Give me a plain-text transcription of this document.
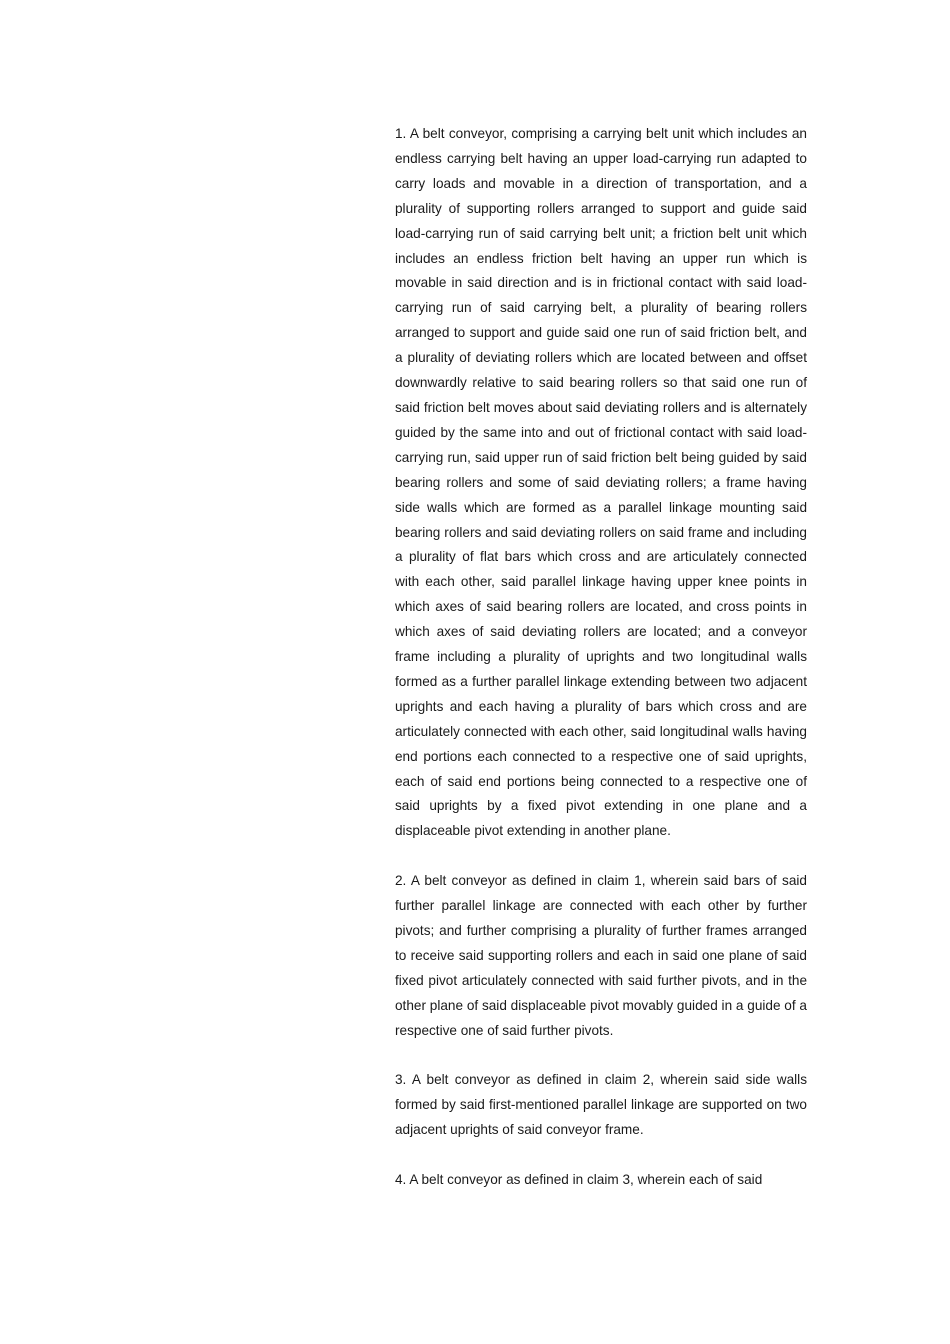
1. A belt conveyor, comprising a carrying belt unit which includes an endless carrying belt having an upper load-carrying run adapted to carry loads and movable in a direction of transportation, and a plurality of supporting rollers arranged to support and guide said load-carrying run of said carrying belt unit; a friction belt unit which includes an endless friction belt having an upper run which is movable in said direction and is in frictional contact with said load-carrying run of said carrying belt, a plurality of bearing rollers arranged to support and guide said one run of said friction belt, and a plurality of deviating rollers which are located between and offset downwardly relative to said bearing rollers so that said one run of said friction belt moves about said deviating rollers and is alternately guided by the same into and out of frictional contact with said load-carrying run, said upper run of said friction belt being guided by said bearing rollers and some of said deviating rollers; a frame having side walls which are formed as a parallel linkage mounting said bearing rollers and said deviating rollers on said frame and including a plurality of flat bars which cross and are articulately connected with each other, said parallel linkage having upper knee points in which axes of said bearing rollers are located, and cross points in which axes of said deviating rollers are located; and a conveyor frame including a plurality of uprights and two longitudinal walls formed as a further parallel linkage extending between two adjacent uprights and each having a plurality of bars which cross and are articulately connected with each other, said longitudinal walls having end portions each connected to a respective one of said uprights, each of said end portions being connected to a respective one of said uprights by a fixed pivot extending in one plane and a displaceable pivot extending in another plane.

2. A belt conveyor as defined in claim 1, wherein said bars of said further parallel linkage are connected with each other by further pivots; and further comprising a plurality of further frames arranged to receive said supporting rollers and each in said one plane of said fixed pivot articulately connected with said further pivots, and in the other plane of said displaceable pivot movably guided in a guide of a respective one of said further pivots.

3. A belt conveyor as defined in claim 2, wherein said side walls formed by said first-mentioned parallel linkage are supported on two adjacent uprights of said conveyor frame.

4. A belt conveyor as defined in claim 3, wherein each of said
